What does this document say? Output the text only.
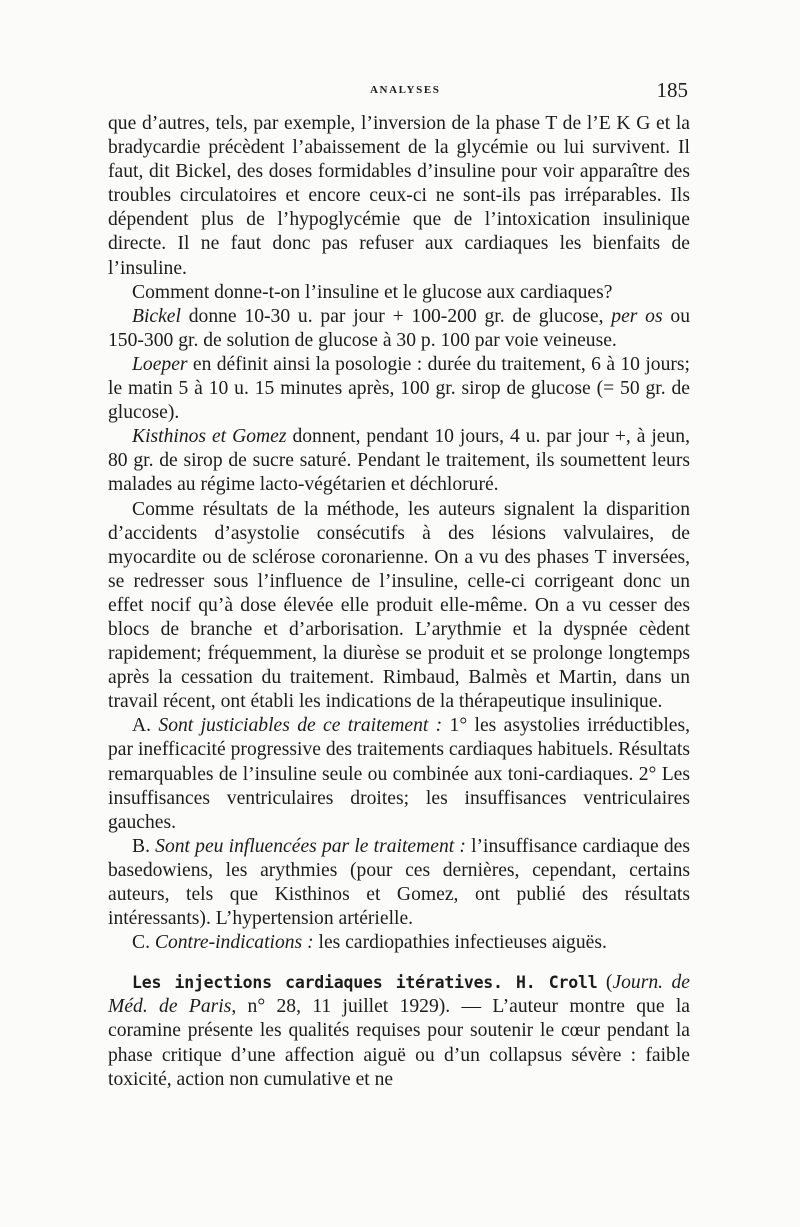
ANALYSES	185

que d’autres, tels, par exemple, l’inversion de la phase T de l’E K G et la bradycardie précèdent l’abaissement de la glycémie ou lui survivent. Il faut, dit Bickel, des doses formidables d’insuline pour voir apparaître des troubles circulatoires et encore ceux-ci ne sont-ils pas irréparables. Ils dépendent plus de l’hypoglycémie que de l’intoxication insulinique directe. Il ne faut donc pas refuser aux cardiaques les bienfaits de l’insuline.

Comment donne-t-on l’insuline et le glucose aux cardiaques?

Bickel donne 10-30 u. par jour + 100-200 gr. de glucose, per os ou 150-300 gr. de solution de glucose à 30 p. 100 par voie veineuse.

Loeper en définit ainsi la posologie : durée du traitement, 6 à 10 jours; le matin 5 à 10 u. 15 minutes après, 100 gr. sirop de glucose (= 50 gr. de glucose).

Kisthinos et Gomez donnent, pendant 10 jours, 4 u. par jour +, à jeun, 80 gr. de sirop de sucre saturé. Pendant le traitement, ils soumettent leurs malades au régime lacto-végétarien et déchloruré.

Comme résultats de la méthode, les auteurs signalent la disparition d’accidents d’asystolie consécutifs à des lésions valvulaires, de myocardite ou de sclérose coronarienne. On a vu des phases T inversées, se redresser sous l’influence de l’insuline, celle-ci corrigeant donc un effet nocif qu’à dose élevée elle produit elle-même. On a vu cesser des blocs de branche et d’arborisation. L’arythmie et la dyspnée cèdent rapidement; fréquemment, la diurèse se produit et se prolonge longtemps après la cessation du traitement. Rimbaud, Balmès et Martin, dans un travail récent, ont établi les indications de la thérapeutique insulinique.

A. Sont justiciables de ce traitement : 1° les asystolies irréductibles, par inefficacité progressive des traitements cardiaques habituels. Résultats remarquables de l’insuline seule ou combinée aux toni-cardiaques. 2° Les insuffisances ventriculaires droites; les insuffisances ventriculaires gauches.

B. Sont peu influencées par le traitement : l’insuffisance cardiaque des basedowiens, les arythmies (pour ces dernières, cependant, certains auteurs, tels que Kisthinos et Gomez, ont publié des résultats intéressants). L’hypertension artérielle.

C. Contre-indications : les cardiopathies infectieuses aiguës.

Les injections cardiaques itératives. H. Croll (Journ. de Méd. de Paris, n° 28, 11 juillet 1929). — L’auteur montre que la coramine présente les qualités requises pour soutenir le cœur pendant la phase critique d’une affection aiguë ou d’un collapsus sévère : faible toxicité, action non cumulative et ne
